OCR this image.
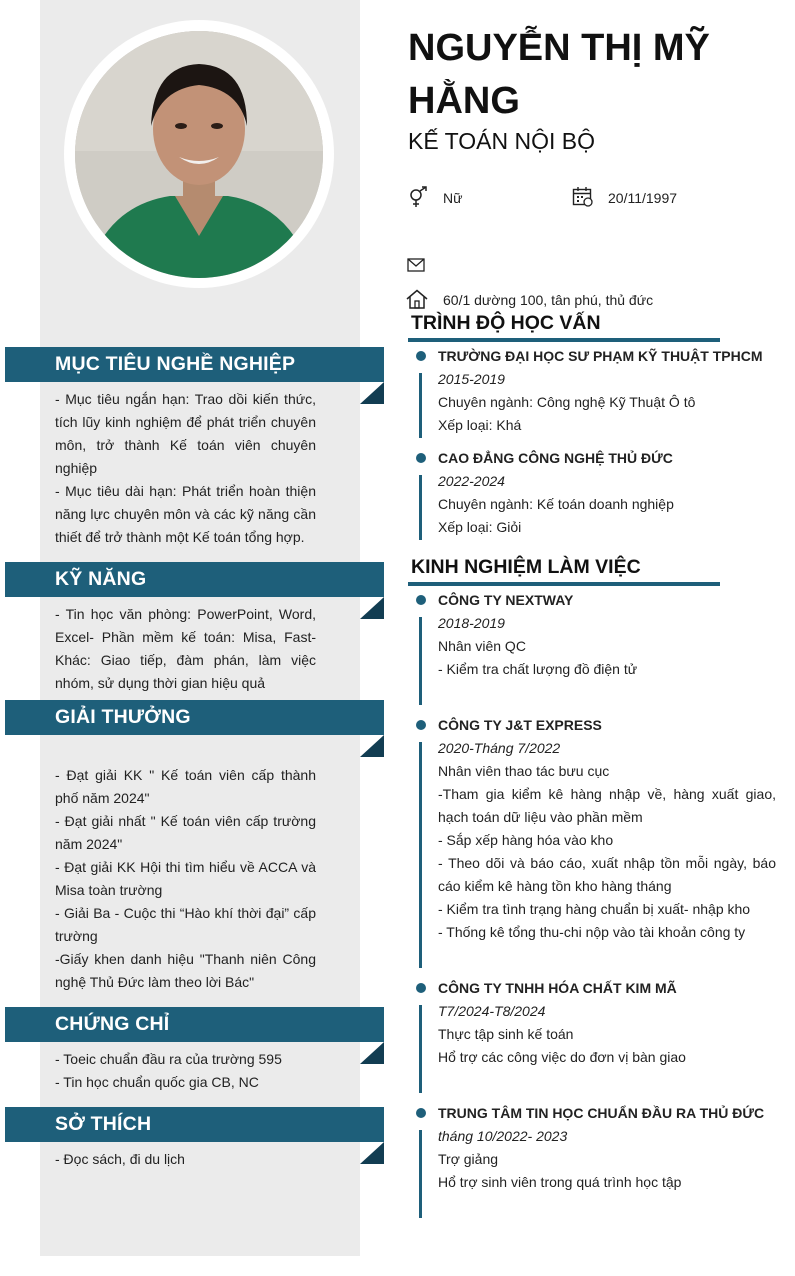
MỤC TIÊU NGHỀ NGHIỆP

- Mục tiêu ngắn hạn: Trao dồi kiến thức, tích lũy kinh nghiệm để phát triển chuyên môn, trở thành Kế toán viên chuyên nghiệp

- Mục tiêu dài hạn: Phát triển hoàn thiện năng lực chuyên môn và các kỹ năng cần thiết để trở thành một Kế toán tổng hợp.

KỸ NĂNG

- Tin học văn phòng: PowerPoint, Word, Excel- Phần mềm kế toán: Misa, Fast- Khác: Giao tiếp, đàm phán, làm việc nhóm, sử dụng thời gian hiệu quả

GIẢI THƯỞNG

- Đạt giải KK " Kế toán viên cấp thành phố năm 2024"

- Đạt giải nhất " Kế toán viên cấp trường năm 2024"

- Đạt giải KK Hội thi tìm hiểu về ACCA và Misa toàn trường

- Giải Ba - Cuộc thi “Hào khí thời đại” cấp trường

-Giấy khen danh hiệu "Thanh niên Công nghệ Thủ Đức làm theo lời Bác"

CHỨNG CHỈ

- Toeic chuẩn đầu ra của trường 595

- Tin học chuẩn quốc gia CB, NC

SỞ THÍCH

- Đọc sách, đi du lịch

NGUYỄN THỊ MỸ HẰNG
KẾ TOÁN NỘI BỘ
Nữ	20/11/1997
60/1 dường 100, tân phú, thủ đức
TRÌNH ĐỘ HỌC VẤN
TRƯỜNG ĐẠI HỌC SƯ PHẠM KỸ THUẬT TPHCM
2015-2019
Chuyên ngành: Công nghệ Kỹ Thuật Ô tô
Xếp loại: Khá
CAO ĐẲNG CÔNG NGHỆ THỦ ĐỨC
2022-2024
Chuyên ngành: Kế toán doanh nghiệp
Xếp loại: Giỏi
KINH NGHIỆM LÀM VIỆC
CÔNG TY NEXTWAY
2018-2019
Nhân viên QC
- Kiểm tra chất lượng đồ điện tử
CÔNG TY J&T EXPRESS
2020-Tháng 7/2022
Nhân viên thao tác bưu cục
-Tham gia kiểm kê hàng nhập về, hàng xuất giao, hạch toán dữ liệu vào phần mềm
- Sắp xếp hàng hóa vào kho
- Theo dõi và báo cáo, xuất nhập tồn mỗi ngày, báo cáo kiểm kê hàng tồn kho hàng tháng
- Kiểm tra tình trạng hàng chuẩn bị xuất- nhập kho
- Thống kê tổng thu-chi nộp vào tài khoản công ty
CÔNG TY TNHH HÓA CHẤT KIM MÃ
T7/2024-T8/2024
Thực tập sinh kế toán
Hổ trợ các công việc do đơn vị bàn giao
TRUNG TÂM TIN HỌC CHUẨN ĐẦU RA THỦ ĐỨC
tháng 10/2022- 2023
Trợ giảng
Hổ trợ sinh viên trong quá trình học tập
